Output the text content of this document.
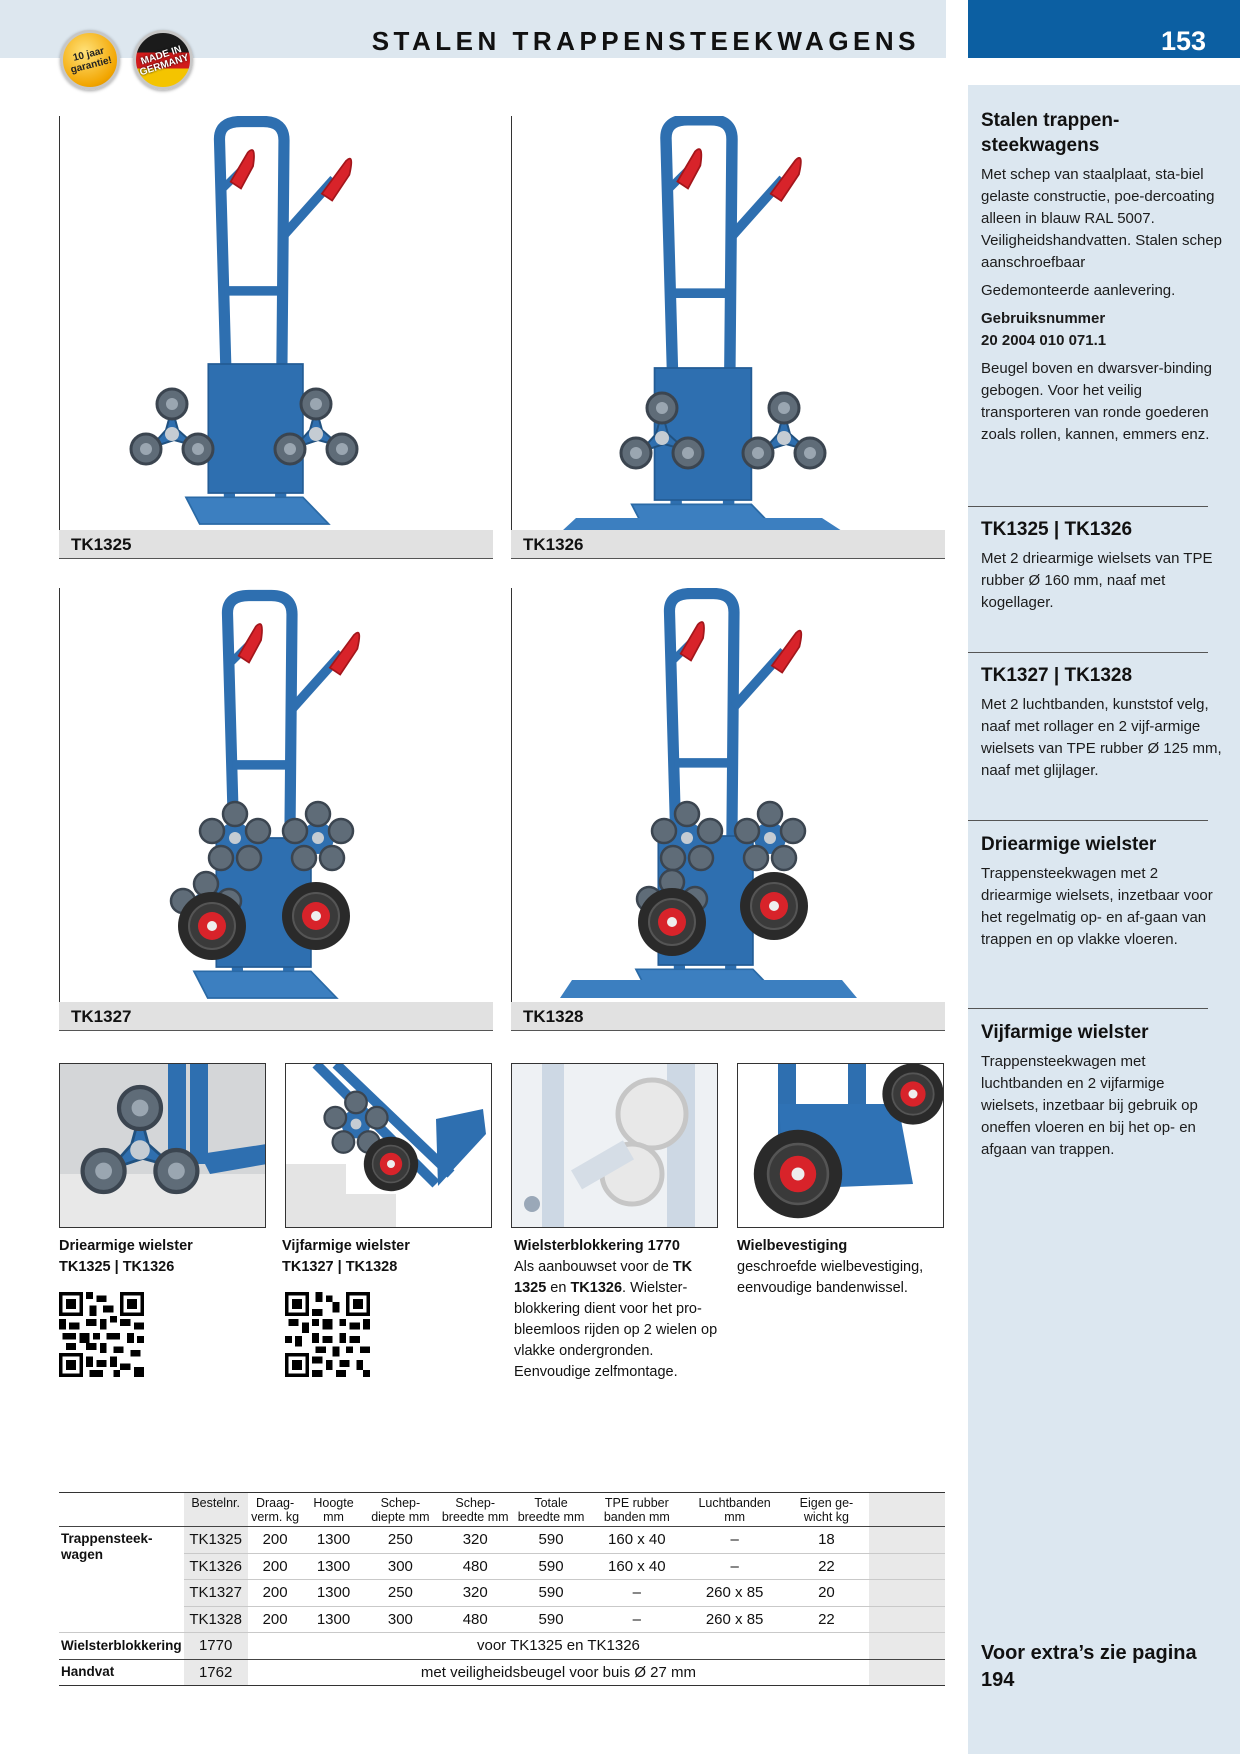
STALEN TRAPPENSTEEKWAGENS	153
10 jaar garantie!	MADE IN GERMANY
Stalen trappen-steekwagens
Met schep van staalplaat, sta-biel gelaste constructie, poe-dercoating alleen in blauw RAL 5007. Veiligheidshandvatten. Stalen schep aanschroefbaar
Gedemonteerde aanlevering.
Gebruiksnummer
20 2004 010 071.1
Beugel boven en dwarsver-binding gebogen. Voor het veilig transporteren van ronde goederen zoals rollen, kannen, emmers enz.
TK1325 | TK1326
Met 2 driearmige wielsets van TPE rubber Ø 160 mm, naaf met kogellager.
TK1327 | TK1328
Met 2 luchtbanden, kunststof velg, naaf met rollager en 2 vijf-armige wielsets van TPE rubber Ø 125 mm, naaf met glijlager.
Driearmige wielster
Trappensteekwagen met 2 driearmige wielsets, inzetbaar voor het regelmatig op- en af-gaan van trappen en op vlakke vloeren.
Vijfarmige wielster
Trappensteekwagen met luchtbanden en 2 vijfarmige wielsets, inzetbaar bij gebruik op oneffen vloeren en bij het op- en afgaan van trappen.
Voor extra’s zie pagina 194
TK1325	TK1326
TK1327	TK1328
Driearmige wielster
TK1325 | TK1326
Vijfarmige wielster
TK1327 | TK1328
Wielsterblokkering 1770
Als aanbouwset voor de TK 1325 en TK1326. Wielster-blokkering dient voor het pro-bleemloos rijden op 2 wielen op vlakke ondergronden. Eenvoudige zelfmontage.
Wielbevestiging
geschroefde wielbevestiging, eenvoudige bandenwissel.
	Bestelnr.	Draag-verm. kg	Hoogte mm	Schep-diepte mm	Schep-breedte mm	Totale breedte mm	TPE rubber banden mm	Luchtbanden mm	Eigen ge-wicht kg	
Trappensteek-wagen	TK1325	200	1300	250	320	590	160 x 40	–	18	
	TK1326	200	1300	300	480	590	160 x 40	–	22	
	TK1327	200	1300	250	320	590	–	260 x 85	20	
	TK1328	200	1300	300	480	590	–	260 x 85	22	
Wielsterblokkering	1770	voor TK1325 en TK1326								
Handvat	1762	met veiligheidsbeugel voor buis Ø 27 mm								
